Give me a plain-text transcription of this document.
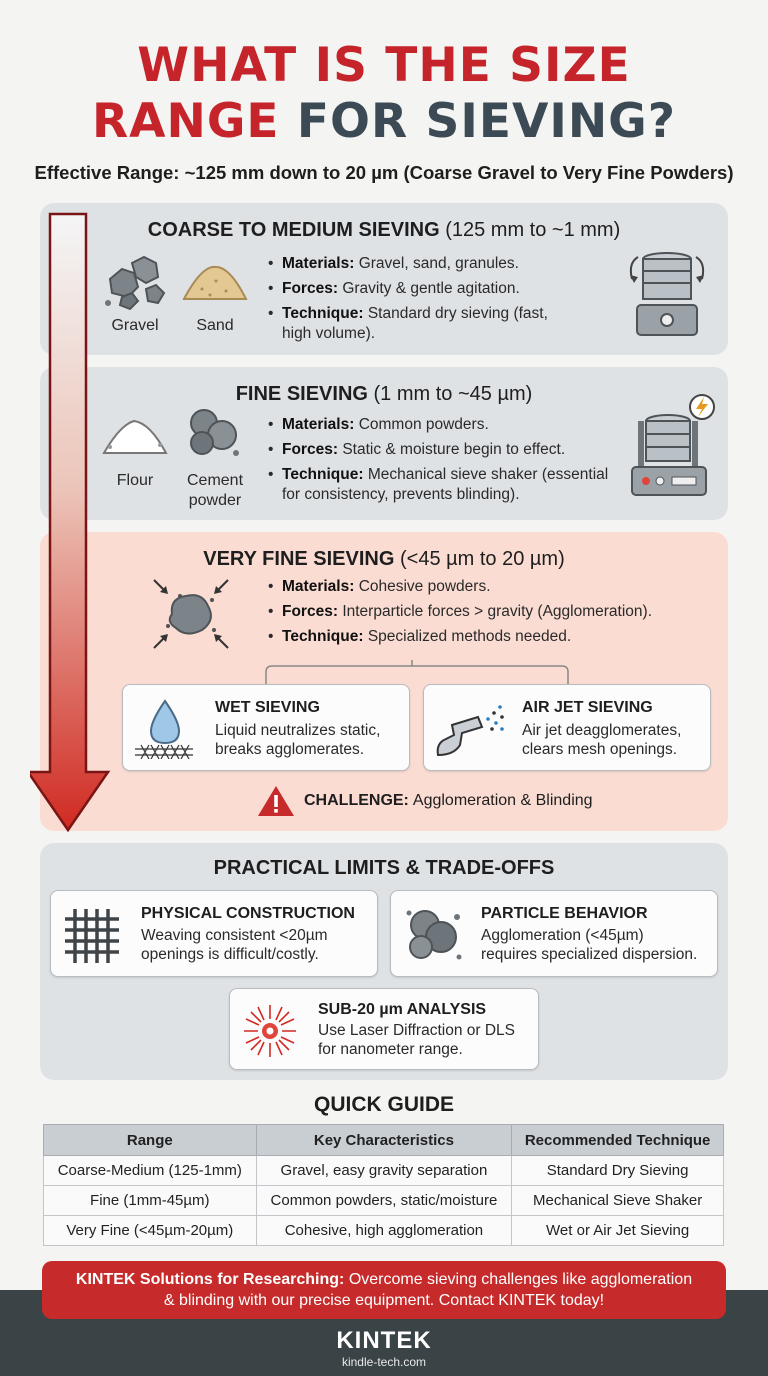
WHAT IS THE SIZE
RANGE FOR SIEVING?
Effective Range: ~125 mm down to 20 µm (Coarse Gravel to Very Fine Powders)
COARSE TO MEDIUM SIEVING (125 mm to ~1 mm)
Gravel	Sand
• Materials: Gravel, sand, granules.
• Forces: Gravity & gentle agitation.
• Technique: Standard dry sieving (fast, high volume).
FINE SIEVING (1 mm to ~45 µm)
Flour	Cement
powder
• Materials: Common powders.
• Forces: Static & moisture begin to effect.
• Technique: Mechanical sieve shaker (essential for consistency, prevents blinding).
VERY FINE SIEVING (<45 µm to 20 µm)
• Materials: Cohesive powders.
• Forces: Interparticle forces > gravity (Agglomeration).
• Technique: Specialized methods needed.
WET SIEVING
Liquid neutralizes static,
breaks agglomerates.
AIR JET SIEVING
Air jet deagglomerates,
clears mesh openings.
CHALLENGE: Agglomeration & Blinding
PRACTICAL LIMITS & TRADE-OFFS
PHYSICAL CONSTRUCTION
Weaving consistent <20µm
openings is difficult/costly.
PARTICLE BEHAVIOR
Agglomeration (<45µm)
requires specialized dispersion.
SUB-20 µm ANALYSIS
Use Laser Diffraction or DLS
for nanometer range.
QUICK GUIDE
Range	Key Characteristics	Recommended Technique
Coarse-Medium (125-1mm)	Gravel, easy gravity separation	Standard Dry Sieving
Fine (1mm-45µm)	Common powders, static/moisture	Mechanical Sieve Shaker
Very Fine (<45µm-20µm)	Cohesive, high agglomeration	Wet or Air Jet Sieving
KINTEK Solutions for Researching: Overcome sieving challenges like agglomeration
& blinding with our precise equipment. Contact KINTEK today!
KINTEK
kindle-tech.com
